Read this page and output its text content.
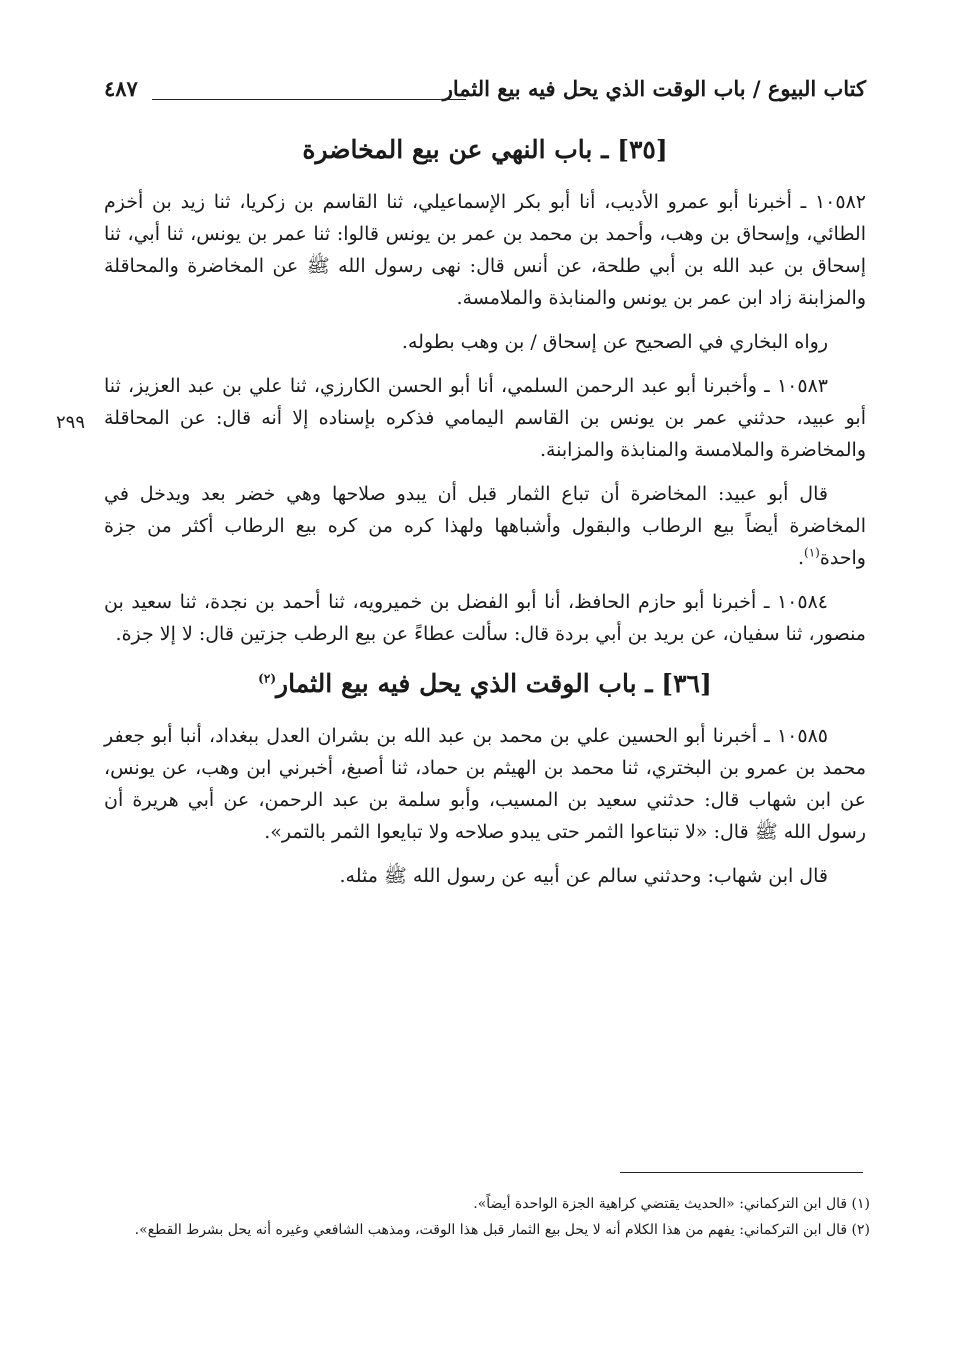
كتاب البيوع / باب الوقت الذي يحل فيه بيع الثمار
٤٨٧
٢٩٩
[٣٥] ـ باب النهي عن بيع المخاضرة

١٠٥٨٢ ـ أخبرنا أبو عمرو الأديب، أنا أبو بكر الإسماعيلي، ثنا القاسم بن زكريا، ثنا زيد بن أخزم الطائي، وإسحاق بن وهب، وأحمد بن محمد بن عمر بن يونس قالوا: ثنا عمر بن يونس، ثنا أبي، ثنا إسحاق بن عبد الله بن أبي طلحة، عن أنس قال: نهى رسول الله ﷺ عن المخاضرة والمحاقلة والمزابنة زاد ابن عمر بن يونس والمنابذة والملامسة.

رواه البخاري في الصحيح عن إسحاق / بن وهب بطوله.

١٠٥٨٣ ـ وأخبرنا أبو عبد الرحمن السلمي، أنا أبو الحسن الكارزي، ثنا علي بن عبد العزيز، ثنا أبو عبيد، حدثني عمر بن يونس بن القاسم اليمامي فذكره بإسناده إلا أنه قال: عن المحاقلة والمخاضرة والملامسة والمنابذة والمزابنة.

قال أبو عبيد: المخاضرة أن تباع الثمار قبل أن يبدو صلاحها وهي خضر بعد ويدخل في المخاضرة أيضاً بيع الرطاب والبقول وأشباهها ولهذا كره من كره بيع الرطاب أكثر من جزة واحدة$^{(١)}$.

١٠٥٨٤ ـ أخبرنا أبو حازم الحافظ، أنا أبو الفضل بن خميرويه، ثنا أحمد بن نجدة، ثنا سعيد بن منصور، ثنا سفيان، عن بريد بن أبي بردة قال: سألت عطاءً عن بيع الرطب جزتين قال: لا إلا جزة.

[٣٦] ـ باب الوقت الذي يحل فيه بيع الثمار$^{(٢)}$

١٠٥٨٥ ـ أخبرنا أبو الحسين علي بن محمد بن عبد الله بن بشران العدل ببغداد، أنبا أبو جعفر محمد بن عمرو بن البختري، ثنا محمد بن الهيثم بن حماد، ثنا أصبغ، أخبرني ابن وهب، عن يونس، عن ابن شهاب قال: حدثني سعيد بن المسيب، وأبو سلمة بن عبد الرحمن، عن أبي هريرة أن رسول الله ﷺ قال: «لا تبتاعوا الثمر حتى يبدو صلاحه ولا تبايعوا الثمر بالتمر».

قال ابن شهاب: وحدثني سالم عن أبيه عن رسول الله ﷺ مثله.

(١) قال ابن التركماني: «الحديث يقتضي كراهية الجزة الواحدة أيضاً».

(٢) قال ابن التركماني: يفهم من هذا الكلام أنه لا يحل بيع الثمار قبل هذا الوقت، ومذهب الشافعي وغيره أنه يحل بشرط القطع».
